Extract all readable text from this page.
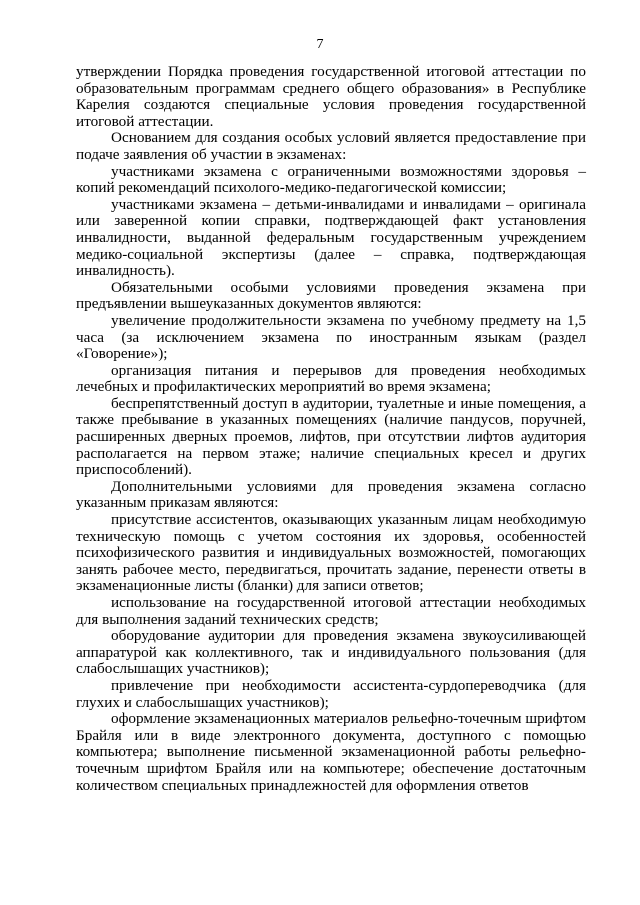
7
утверждении Порядка проведения государственной итоговой аттестации по
образовательным программам среднего общего образования» в Республике
Карелия создаются специальные условия проведения государственной
итоговой аттестации.
Основанием для создания особых условий является предоставление при
подаче заявления об участии в экзаменах:
участниками экзамена с ограниченными возможностями здоровья –
копий рекомендаций психолого-медико-педагогической комиссии;
участниками экзамена – детьми-инвалидами и инвалидами – оригинала
или заверенной копии справки, подтверждающей факт установления
инвалидности, выданной федеральным государственным учреждением
медико-социальной экспертизы (далее – справка, подтверждающая
инвалидность).
Обязательными особыми условиями проведения экзамена при
предъявлении вышеуказанных документов являются:
увеличение продолжительности экзамена по учебному предмету на 1,5
часа (за исключением экзамена по иностранным языкам (раздел
«Говорение»);
организация питания и перерывов для проведения необходимых
лечебных и профилактических мероприятий во время экзамена;
беспрепятственный доступ в аудитории, туалетные и иные помещения, а
также пребывание в указанных помещениях (наличие пандусов, поручней,
расширенных дверных проемов, лифтов, при отсутствии лифтов аудитория
располагается на первом этаже; наличие специальных кресел и других
приспособлений).
Дополнительными условиями для проведения экзамена согласно
указанным приказам являются:
присутствие ассистентов, оказывающих указанным лицам необходимую
техническую помощь с учетом состояния их здоровья, особенностей
психофизического развития и индивидуальных возможностей, помогающих
занять рабочее место, передвигаться, прочитать задание, перенести ответы в
экзаменационные листы (бланки) для записи ответов;
использование на государственной итоговой аттестации необходимых
для выполнения заданий технических средств;
оборудование аудитории для проведения экзамена звукоусиливающей
аппаратурой как коллективного, так и индивидуального пользования (для
слабослышащих участников);
привлечение при необходимости ассистента-сурдопереводчика (для
глухих и слабослышащих участников);
оформление экзаменационных материалов рельефно-точечным шрифтом
Брайля или в виде электронного документа, доступного с помощью
компьютера; выполнение письменной экзаменационной работы рельефно-
точечным шрифтом Брайля или на компьютере; обеспечение достаточным
количеством специальных принадлежностей для оформления ответов
